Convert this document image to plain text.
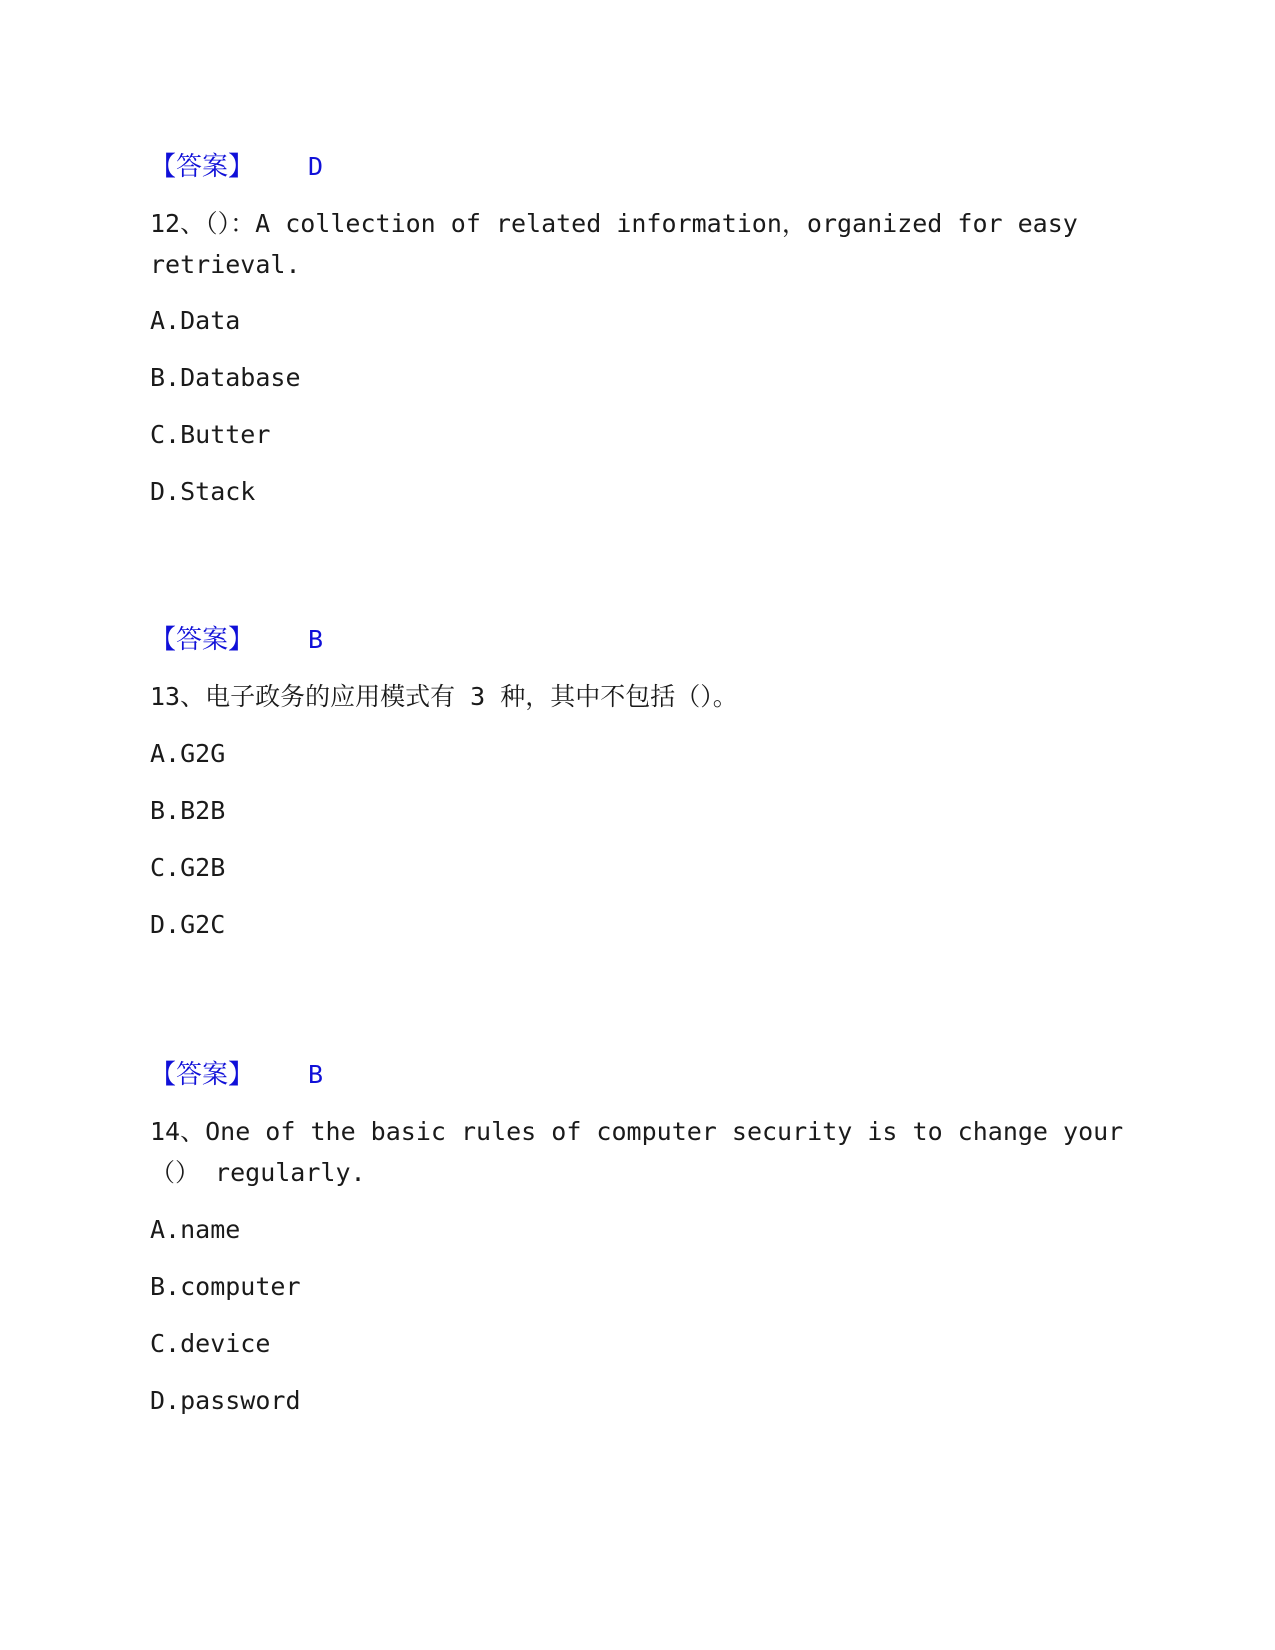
【答案】 D

12、（）：A collection of related information，organized for easy

retrieval.

A.Data

B.Database

C.Butter

D.Stack

【答案】 B

13、电子政务的应用模式有 3 种，其中不包括（）。

A.G2G

B.B2B

C.G2B

D.G2C

【答案】 B

14、One of the basic rules of computer security is to change your

（） regularly.

A.name

B.computer

C.device

D.password
